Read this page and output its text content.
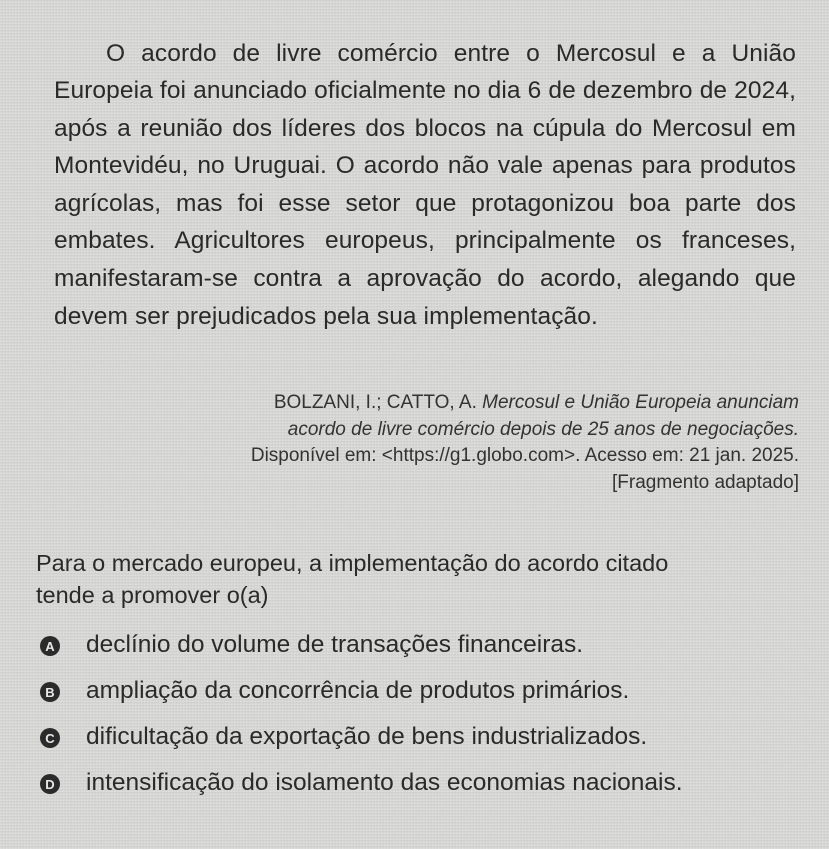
O acordo de livre comércio entre o Mercosul e a União Europeia foi anunciado oficialmente no dia 6 de dezembro de 2024, após a reunião dos líderes dos blocos na cúpula do Mercosul em Montevidéu, no Uruguai. O acordo não vale apenas para produtos agrícolas, mas foi esse setor que protagonizou boa parte dos embates. Agricultores europeus, principalmente os franceses, manifestaram-se contra a aprovação do acordo, alegando que devem ser prejudicados pela sua implementação.

BOLZANI, I.; CATTO, A. Mercosul e União Europeia anunciam
acordo de livre comércio depois de 25 anos de negociações.
Disponível em: <https://g1.globo.com>. Acesso em: 21 jan. 2025.
[Fragmento adaptado]
Para o mercado europeu, a implementação do acordo citado
tende a promover o(a)
A declínio do volume de transações financeiras.
B ampliação da concorrência de produtos primários.
C dificultação da exportação de bens industrializados.
D intensificação do isolamento das economias nacionais.
